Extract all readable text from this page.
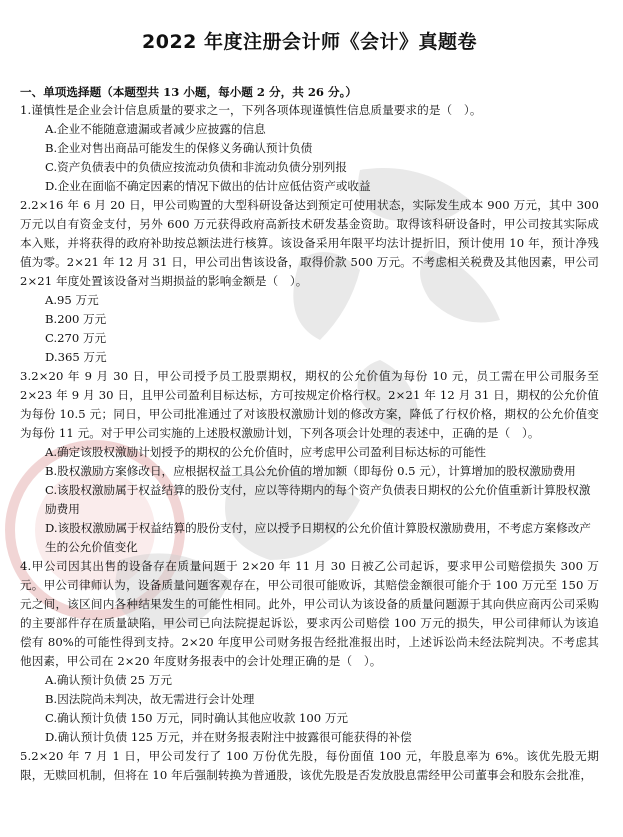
2022 年度注册会计师《会计》真题卷
一、单项选择题（本题型共 13 小题，每小题 2 分，共 26 分。）

1.谨慎性是企业会计信息质量的要求之一，下列各项体现谨慎性信息质量要求的是（　）。

A.企业不能随意遗漏或者减少应披露的信息

B.企业对售出商品可能发生的保修义务确认预计负债

C.资产负债表中的负债应按流动负债和非流动负债分别列报

D.企业在面临不确定因素的情况下做出的估计应低估资产或收益

2.2×16 年 6 月 20 日，甲公司购置的大型科研设备达到预定可使用状态，实际发生成本 900 万元，其中 300 万元以自有资金支付，另外 600 万元获得政府高新技术研发基金资助。取得该科研设备时，甲公司按其实际成本入账，并将获得的政府补助按总额法进行核算。该设备采用年限平均法计提折旧，预计使用 10 年，预计净残值为零。2×21 年 12 月 31 日，甲公司出售该设备，取得价款 500 万元。不考虑相关税费及其他因素，甲公司 2×21 年度处置该设备对当期损益的影响金额是（　）。

A.95 万元

B.200 万元

C.270 万元

D.365 万元

3.2×20 年 9 月 30 日，甲公司授予员工股票期权，期权的公允价值为每份 10 元，员工需在甲公司服务至 2×23 年 9 月 30 日，且甲公司盈利目标达标，方可按规定价格行权。2×21 年 12 月 31 日，期权的公允价值为每份 10.5 元；同日，甲公司批准通过了对该股权激励计划的修改方案，降低了行权价格，期权的公允价值变为每份 11 元。对于甲公司实施的上述股权激励计划，下列各项会计处理的表述中，正确的是（　）。

A.确定该股权激励计划授予的期权的公允价值时，应考虑甲公司盈利目标达标的可能性

B.股权激励方案修改日，应根据权益工具公允价值的增加额（即每份 0.5 元），计算增加的股权激励费用

C.该股权激励属于权益结算的股份支付，应以等待期内的每个资产负债表日期权的公允价值重新计算股权激励费用

D.该股权激励属于权益结算的股份支付，应以授予日期权的公允价值计算股权激励费用，不考虑方案修改产生的公允价值变化

4.甲公司因其出售的设备存在质量问题于 2×20 年 11 月 30 日被乙公司起诉，要求甲公司赔偿损失 300 万元。甲公司律师认为，设备质量问题客观存在，甲公司很可能败诉，其赔偿金额很可能介于 100 万元至 150 万元之间，该区间内各种结果发生的可能性相同。此外，甲公司认为该设备的质量问题源于其向供应商丙公司采购的主要部件存在质量缺陷，甲公司已向法院提起诉讼，要求丙公司赔偿 100 万元的损失，甲公司律师认为该追偿有 80%的可能性得到支持。2×20 年度甲公司财务报告经批准报出时，上述诉讼尚未经法院判决。不考虑其他因素，甲公司在 2×20 年度财务报表中的会计处理正确的是（　）。

A.确认预计负债 25 万元

B.因法院尚未判决，故无需进行会计处理

C.确认预计负债 150 万元，同时确认其他应收款 100 万元

D.确认预计负债 125 万元，并在财务报表附注中披露很可能获得的补偿

5.2×20 年 7 月 1 日，甲公司发行了 100 万份优先股，每份面值 100 元，年股息率为 6%。该优先股无期限，无赎回机制，但将在 10 年后强制转换为普通股，该优先股是否发放股息需经甲公司董事会和股东会批准，
